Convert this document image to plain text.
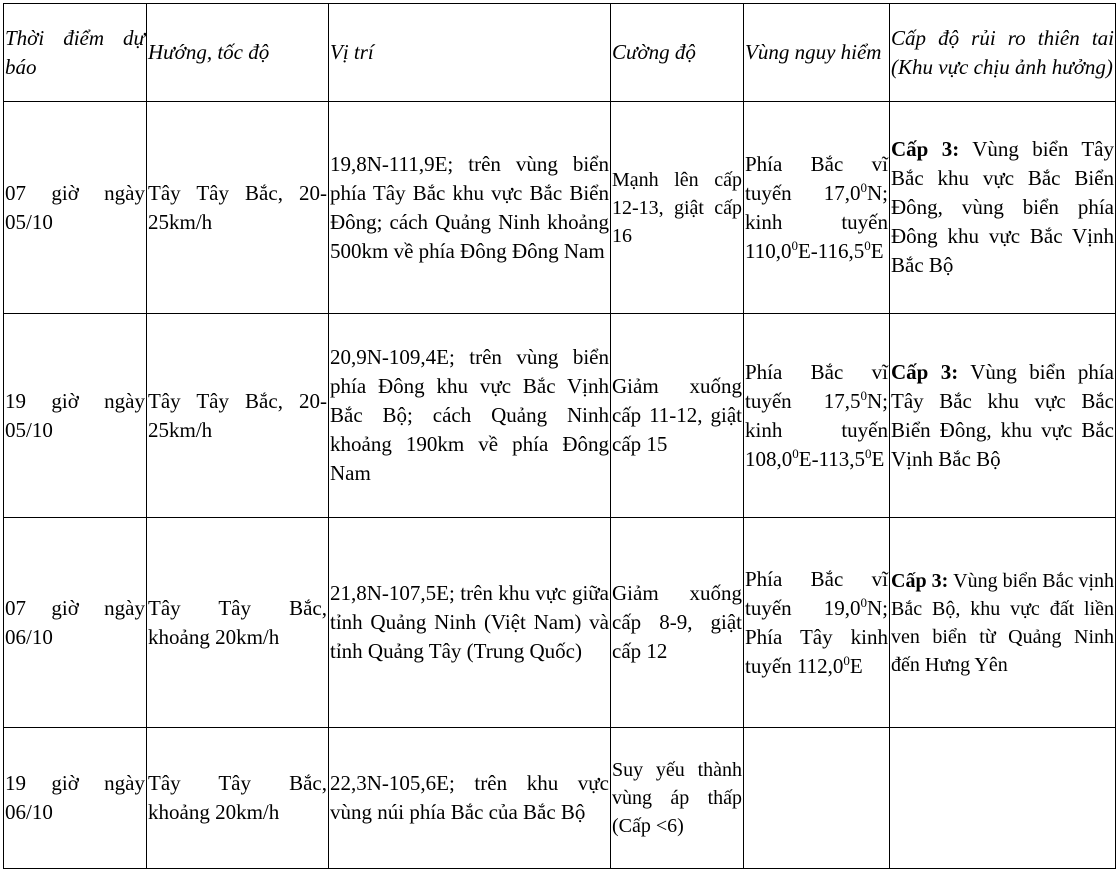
Thời điểm dự báo	Hướng, tốc độ	Vị trí	Cường độ	Vùng nguy hiểm	Cấp độ rủi ro thiên tai (Khu vực chịu ảnh hưởng)
07 giờ ngày 05/10	Tây Tây Bắc, 20-25km/h	19,8N-111,9E; trên vùng biển phía Tây Bắc khu vực Bắc Biển Đông; cách Quảng Ninh khoảng 500km về phía Đông Đông Nam	Mạnh lên cấp 12-13, giật cấp 16	Phía Bắc vĩ tuyến 17,0$^0$N; kinh tuyến 110,0$^0$E-116,5$^0$E	Cấp 3: Vùng biển Tây Bắc khu vực Bắc Biển Đông, vùng biển phía Đông khu vực Bắc Vịnh Bắc Bộ
19 giờ ngày 05/10	Tây Tây Bắc, 20-25km/h	20,9N-109,4E; trên vùng biển phía Đông khu vực Bắc Vịnh Bắc Bộ; cách Quảng Ninh khoảng 190km về phía Đông Nam	Giảm xuống cấp 11-12, giật cấp 15	Phía Bắc vĩ tuyến 17,5$^0$N; kinh tuyến 108,0$^0$E-113,5$^0$E	Cấp 3: Vùng biển phía Tây Bắc khu vực Bắc Biển Đông, khu vực Bắc Vịnh Bắc Bộ
07 giờ ngày 06/10	Tây Tây Bắc, khoảng 20km/h	21,8N-107,5E; trên khu vực giữa tỉnh Quảng Ninh (Việt Nam) và tỉnh Quảng Tây (Trung Quốc)	Giảm xuống cấp 8-9, giật cấp 12	Phía Bắc vĩ tuyến 19,0$^0$N; Phía Tây kinh tuyến 112,0$^0$E	Cấp 3: Vùng biển Bắc vịnh Bắc Bộ, khu vực đất liền ven biển từ Quảng Ninh đến Hưng Yên
19 giờ ngày 06/10	Tây Tây Bắc, khoảng 20km/h	22,3N-105,6E; trên khu vực vùng núi phía Bắc của Bắc Bộ	Suy yếu thành vùng áp thấp (Cấp <6)		
